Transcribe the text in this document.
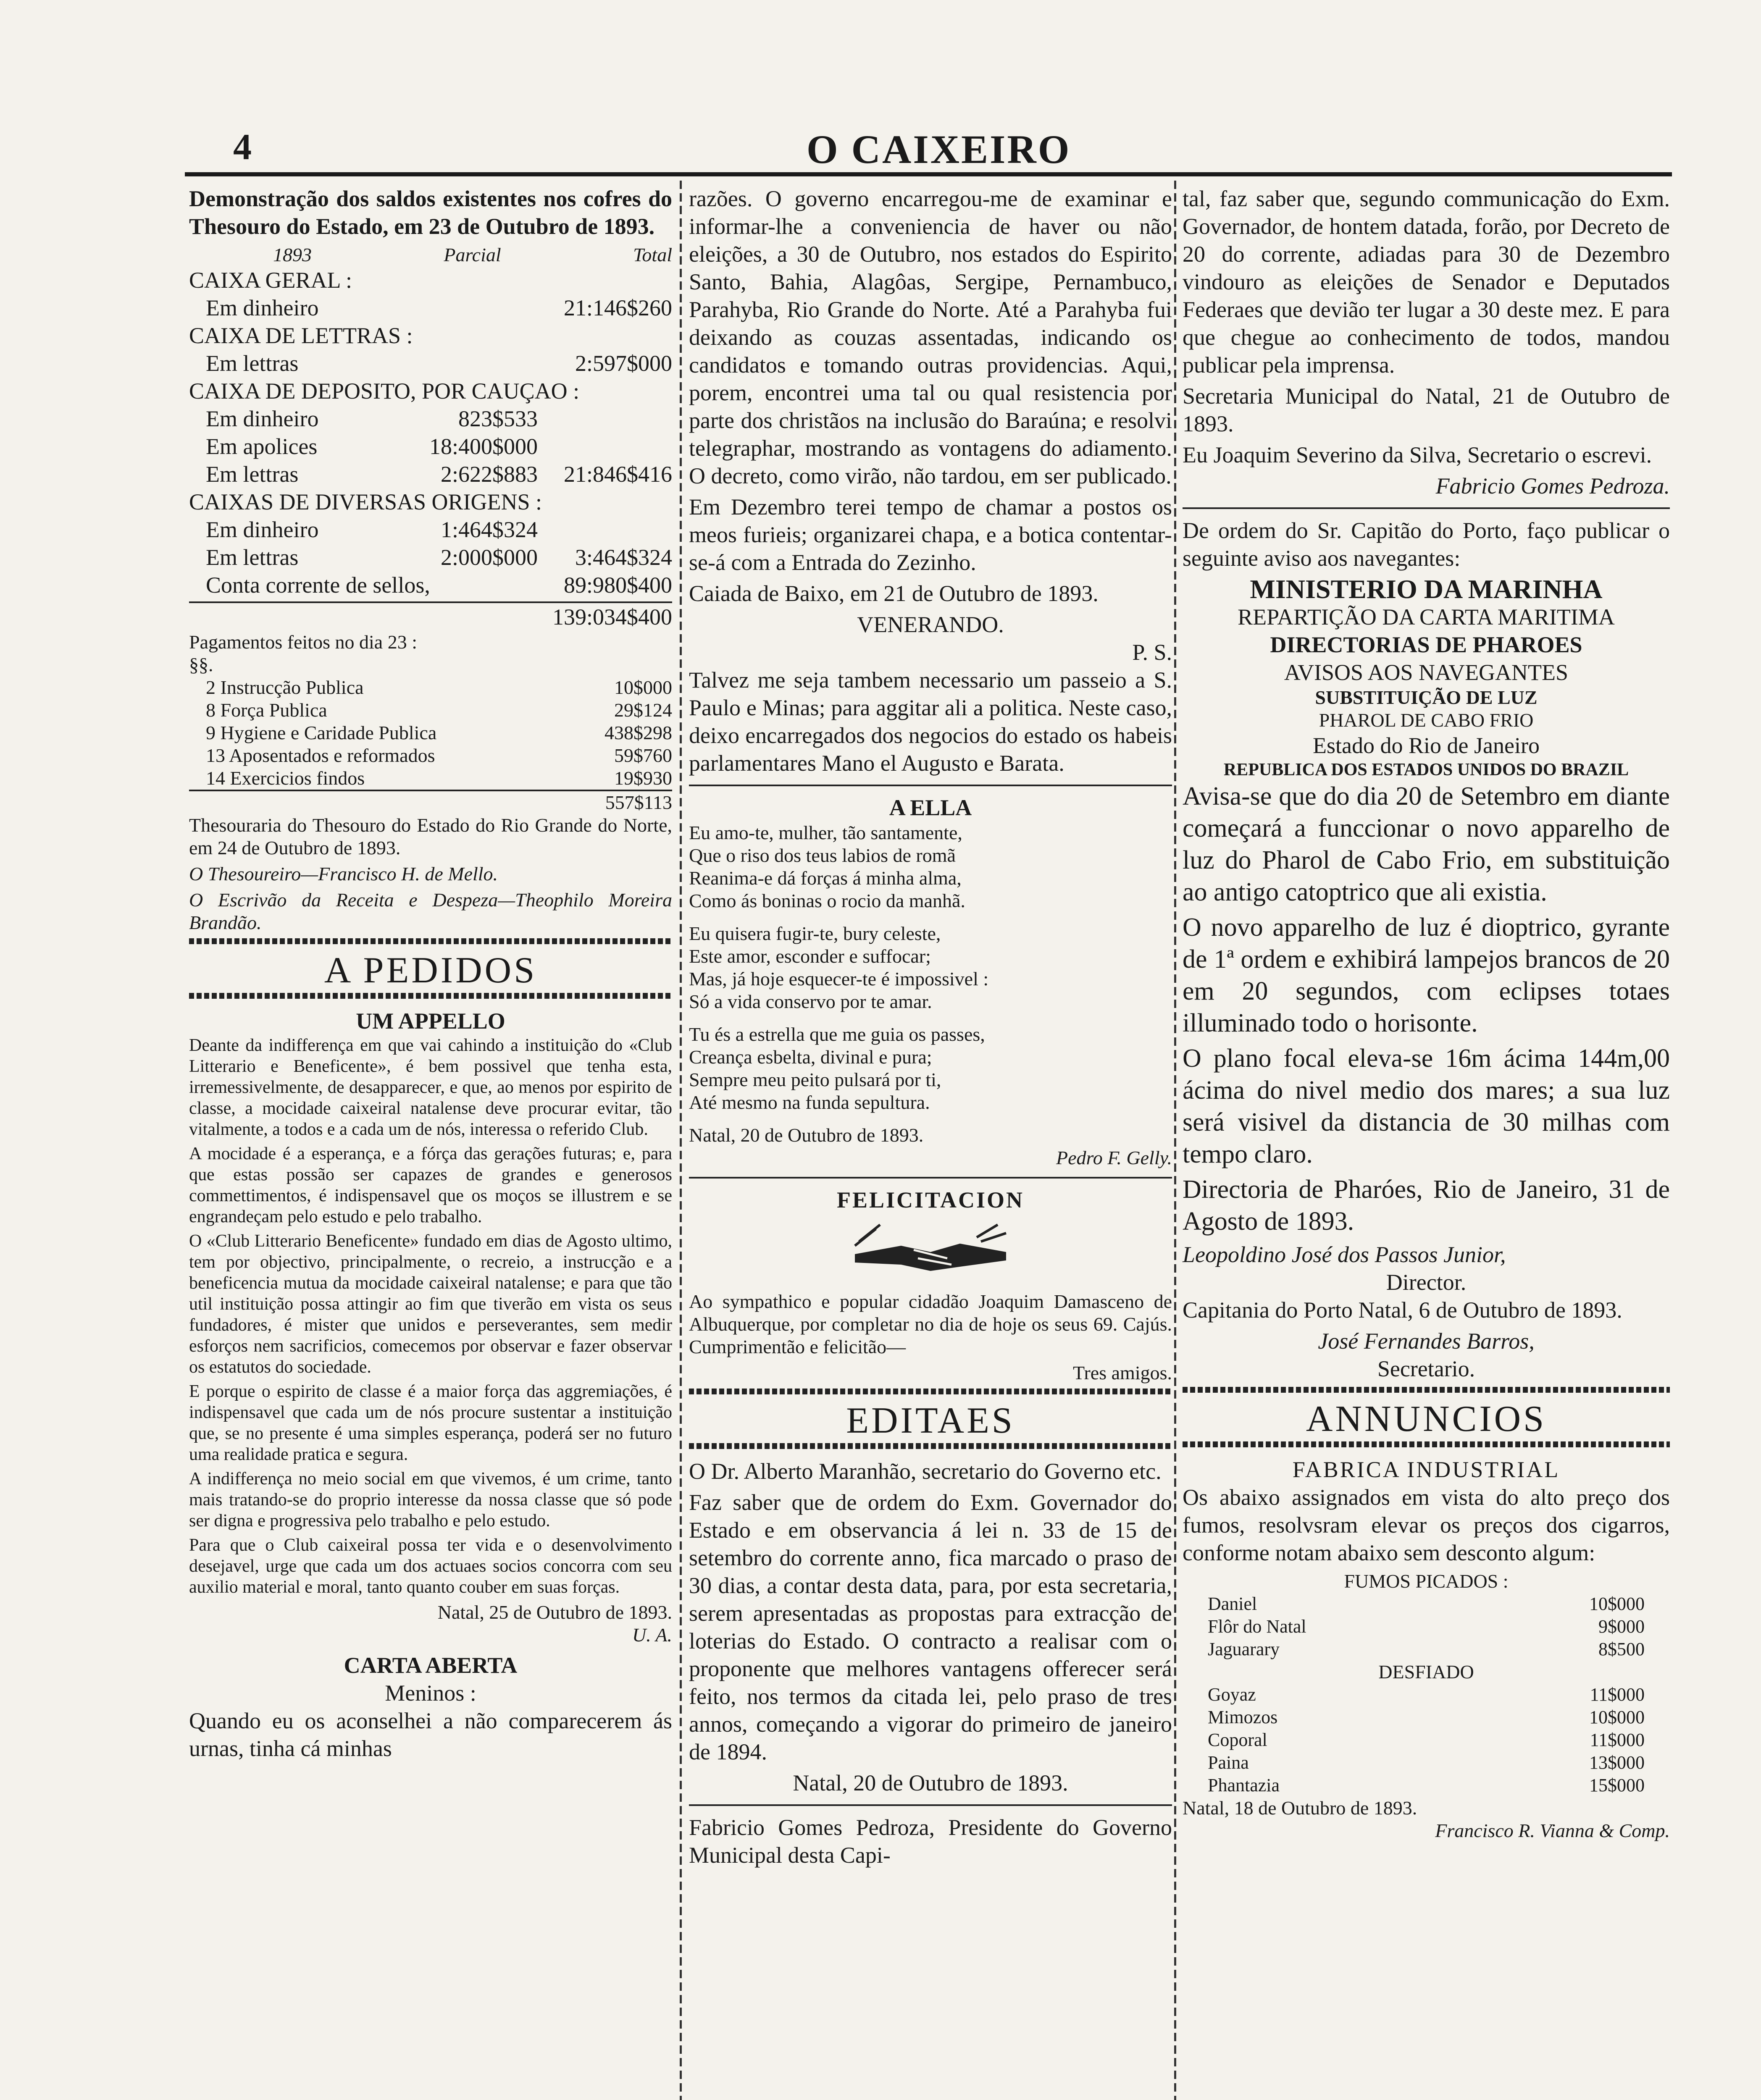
4	O CAIXEIRO

Demonstração dos saldos existentes nos cofres do Thesouro do Estado, em 23 de Outubro de 1893.

1893	Parcial	Total
CAIXA GERAL :
Em dinheiro	21:146$260
CAIXA DE LETTRAS :
Em lettras	2:597$000
CAIXA DE DEPOSITO, POR CAUÇAO :
Em dinheiro	823$533
Em apolices	18:400$000
Em lettras	2:622$883	21:846$416
CAIXAS DE DIVERSAS ORIGENS :
Em dinheiro	1:464$324
Em lettras	2:000$000	3:464$324
Conta corrente de sellos,	89:980$400
139:034$400
Pagamentos feitos no dia 23 :
§§.
2 Instrucção Publica	10$000
8 Força Publica	29$124
9 Hygiene e Caridade Publica	438$298
13 Aposentados e reformados	59$760
14 Exercicios findos	19$930
557$113

Thesouraria do Thesouro do Estado do Rio Grande do Norte, em 24 de Outubro de 1893.

O Thesoureiro—Francisco H. de Mello.

O Escrivão da Receita e Despeza—Theophilo Moreira Brandão.

A PEDIDOS
UM APPELLO

Deante da indifferença em que vai cahindo a instituição do «Club Litterario e Beneficente», é bem possivel que tenha esta, irremessivelmente, de desapparecer, e que, ao menos por espirito de classe, a mocidade caixeiral natalense deve procurar evitar, tão vitalmente, a todos e a cada um de nós, interessa o referido Club.

A mocidade é a esperança, e a fórça das gerações futuras; e, para que estas possão ser capazes de grandes e generosos commettimentos, é indispensavel que os moços se illustrem e se engrandeçam pelo estudo e pelo trabalho.

O «Club Litterario Beneficente» fundado em dias de Agosto ultimo, tem por objectivo, principalmente, o recreio, a instrucção e a beneficencia mutua da mocidade caixeiral natalense; e para que tão util instituição possa attingir ao fim que tiverão em vista os seus fundadores, é mister que unidos e perseverantes, sem medir esforços nem sacrificios, comecemos por observar e fazer observar os estatutos do sociedade.

E porque o espirito de classe é a maior força das aggremiações, é indispensavel que cada um de nós procure sustentar a instituição que, se no presente é uma simples esperança, poderá ser no futuro uma realidade pratica e segura.

A indifferença no meio social em que vivemos, é um crime, tanto mais tratando-se do proprio interesse da nossa classe que só pode ser digna e progressiva pelo trabalho e pelo estudo.

Para que o Club caixeiral possa ter vida e o desenvolvimento desejavel, urge que cada um dos actuaes socios concorra com seu auxilio material e moral, tanto quanto couber em suas forças.

Natal, 25 de Outubro de 1893.
U. A.
CARTA ABERTA
Meninos :

Quando eu os aconselhei a não comparecerem ás urnas, tinha cá minhas

razões. O governo encarregou-me de examinar e informar-lhe a conveniencia de haver ou não eleições, a 30 de Outubro, nos estados do Espirito Santo, Bahia, Alagôas, Sergipe, Pernambuco, Parahyba, Rio Grande do Norte. Até a Parahyba fui deixando as couzas assentadas, indicando os candidatos e tomando outras providencias. Aqui, porem, encontrei uma tal ou qual resistencia por parte dos christãos na inclusão do Baraúna; e resolvi telegraphar, mostrando as vontagens do adiamento. O decreto, como virão, não tardou, em ser publicado.

Em Dezembro terei tempo de chamar a postos os meos furieis; organizarei chapa, e a botica contentar-se-á com a Entrada do Zezinho.

Caiada de Baixo, em 21 de Outubro de 1893.

VENERANDO.
P. S.

Talvez me seja tambem necessario um passeio a S. Paulo e Minas; para aggitar ali a politica. Neste caso, deixo encarregados dos negocios do estado os habeis parlamentares Mano el Augusto e Barata.

A ELLA

Eu amo-te, mulher, tão santamente,

Que o riso dos teus labios de romã

Reanima-e dá forças á minha alma,

Como ás boninas o rocio da manhã.

Eu quisera fugir-te, bury celeste,

Este amor, esconder e suffocar;

Mas, já hoje esquecer-te é impossivel :

Só a vida conservo por te amar.

Tu és a estrella que me guia os passes,

Creança esbelta, divinal e pura;

Sempre meu peito pulsará por ti,

Até mesmo na funda sepultura.

Natal, 20 de Outubro de 1893.
Pedro F. Gelly.
FELICITACION

Ao sympathico e popular cidadão Joaquim Damasceno de Albuquerque, por completar no dia de hoje os seus 69. Cajús. Cumprimentão e felicitão—

Tres amigos.
EDITAES

O Dr. Alberto Maranhão, secretario do Governo etc.

Faz saber que de ordem do Exm. Governador do Estado e em observancia á lei n. 33 de 15 de setembro do corrente anno, fica marcado o praso de 30 dias, a contar desta data, para, por esta secretaria, serem apresentadas as propostas para extracção de loterias do Estado. O contracto a realisar com o proponente que melhores vantagens offerecer será feito, nos termos da citada lei, pelo praso de tres annos, começando a vigorar do primeiro de janeiro de 1894.

Natal, 20 de Outubro de 1893.

Fabricio Gomes Pedroza, Presidente do Governo Municipal desta Capi-

tal, faz saber que, segundo communicação do Exm. Governador, de hontem datada, forão, por Decreto de 20 do corrente, adiadas para 30 de Dezembro vindouro as eleições de Senador e Deputados Federaes que devião ter lugar a 30 deste mez. E para que chegue ao conhecimento de todos, mandou publicar pela imprensa.

Secretaria Municipal do Natal, 21 de Outubro de 1893.

Eu Joaquim Severino da Silva, Secretario o escrevi.

Fabricio Gomes Pedroza.

De ordem do Sr. Capitão do Porto, faço publicar o seguinte aviso aos navegantes:

MINISTERIO DA MARINHA
REPARTIÇÃO DA CARTA MARITIMA
DIRECTORIAS DE PHAROES
AVISOS AOS NAVEGANTES
SUBSTITUIÇÃO DE LUZ
PHAROL DE CABO FRIO
Estado do Rio de Janeiro
REPUBLICA DOS ESTADOS UNIDOS DO BRAZIL

Avisa-se que do dia 20 de Setembro em diante começará a funccionar o novo apparelho de luz do Pharol de Cabo Frio, em substituição ao antigo catoptrico que ali existia.

O novo apparelho de luz é dioptrico, gyrante de 1ª ordem e exhibirá lampejos brancos de 20 em 20 segundos, com eclipses totaes illuminado todo o horisonte.

O plano focal eleva-se 16m ácima 144m,00 ácima do nivel medio dos mares; a sua luz será visivel da distancia de 30 milhas com tempo claro.

Directoria de Pharóes, Rio de Janeiro, 31 de Agosto de 1893.

Leopoldino José dos Passos Junior,
Director.

Capitania do Porto Natal, 6 de Outubro de 1893.

José Fernandes Barros,
Secretario.
ANNUNCIOS
FABRICA INDUSTRIAL

Os abaixo assignados em vista do alto preço dos fumos, resolvsram elevar os preços dos cigarros, conforme notam abaixo sem desconto algum:

FUMOS PICADOS :
Daniel	10$000
Flôr do Natal	9$000
Jaguarary	8$500
DESFIADO
Goyaz	11$000
Mimozos	10$000
Coporal	11$000
Paina	13$000
Phantazia	15$000
Natal, 18 de Outubro de 1893.
Francisco R. Vianna & Comp.
